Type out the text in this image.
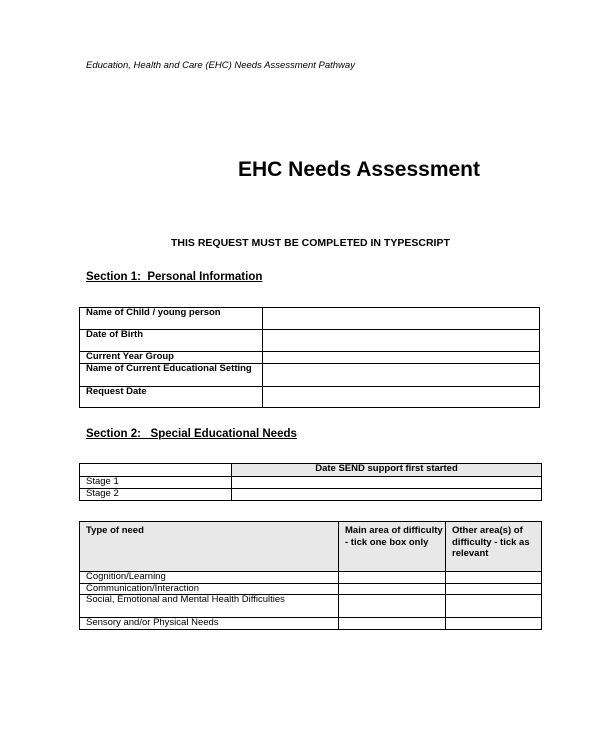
Education, Health and Care (EHC) Needs Assessment Pathway
EHC Needs Assessment
THIS REQUEST MUST BE COMPLETED IN TYPESCRIPT
Section 1:  Personal Information
Name of Child / young person	
Date of Birth	
Current Year Group	
Name of Current Educational Setting	
Request Date	
Section 2:   Special Educational Needs
	Date SEND support first started
Stage 1	
Stage 2	
Type of need	Main area of difficulty - tick one box only	Other area(s) of difficulty - tick as relevant
Cognition/Learning		
Communication/Interaction		
Social, Emotional and Mental Health Difficulties		
Sensory and/or Physical Needs		
